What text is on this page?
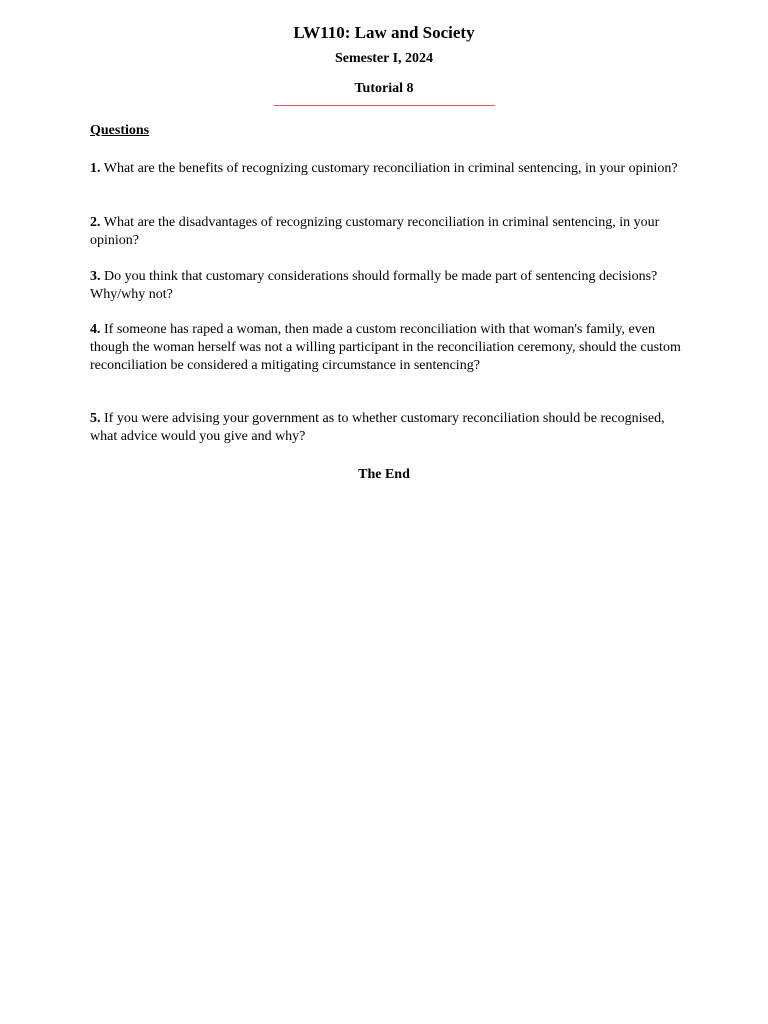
LW110: Law and Society
Semester I, 2024
Tutorial 8
Questions
1. What are the benefits of recognizing customary reconciliation in criminal sentencing, in your opinion?
2. What are the disadvantages of recognizing customary reconciliation in criminal sentencing, in your opinion?
3. Do you think that customary considerations should formally be made part of sentencing decisions? Why/why not?
4. If someone has raped a woman, then made a custom reconciliation with that woman's family, even though the woman herself was not a willing participant in the reconciliation ceremony, should the custom reconciliation be considered a mitigating circumstance in sentencing?
5. If you were advising your government as to whether customary reconciliation should be recognised, what advice would you give and why?
The End
